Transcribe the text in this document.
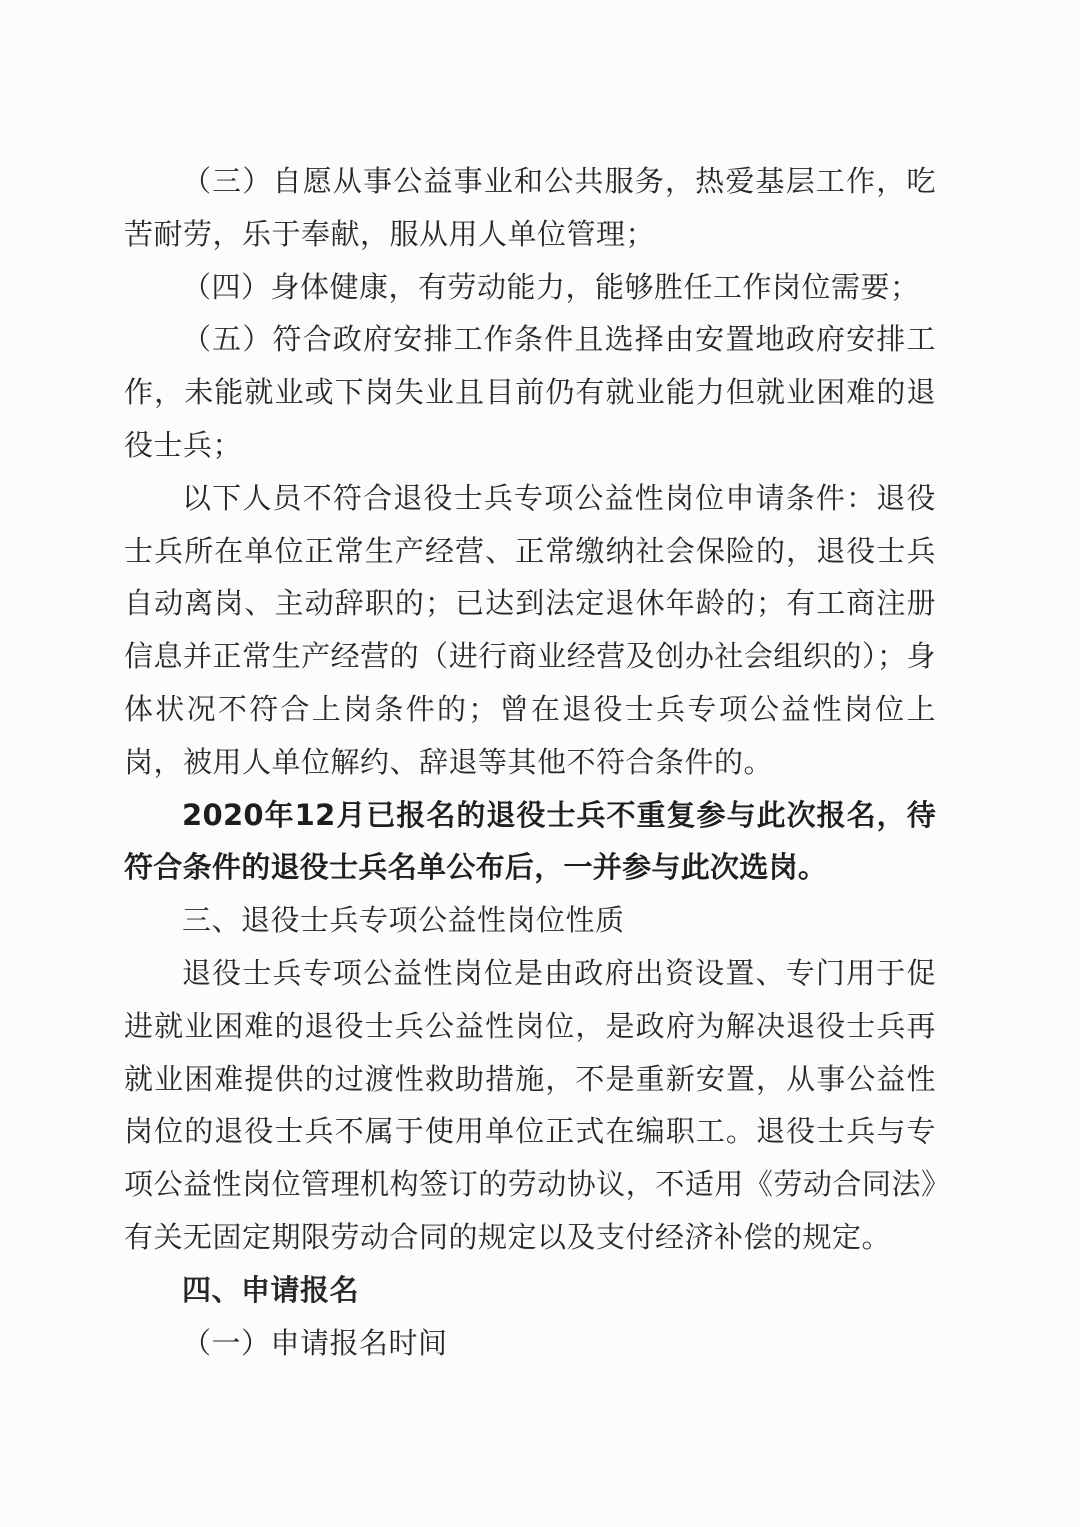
（三）自愿从事公益事业和公共服务，热爱基层工作，吃苦耐劳，乐于奉献，服从用人单位管理；

（四）身体健康，有劳动能力，能够胜任工作岗位需要；

（五）符合政府安排工作条件且选择由安置地政府安排工作，未能就业或下岗失业且目前仍有就业能力但就业困难的退役士兵；

以下人员不符合退役士兵专项公益性岗位申请条件：退役士兵所在单位正常生产经营、正常缴纳社会保险的，退役士兵自动离岗、主动辞职的；已达到法定退休年龄的；有工商注册信息并正常生产经营的（进行商业经营及创办社会组织的）；身体状况不符合上岗条件的；曾在退役士兵专项公益性岗位上岗，被用人单位解约、辞退等其他不符合条件的。

2020年12月已报名的退役士兵不重复参与此次报名，待符合条件的退役士兵名单公布后，一并参与此次选岗。

三、退役士兵专项公益性岗位性质

退役士兵专项公益性岗位是由政府出资设置、专门用于促进就业困难的退役士兵公益性岗位，是政府为解决退役士兵再就业困难提供的过渡性救助措施，不是重新安置，从事公益性岗位的退役士兵不属于使用单位正式在编职工。退役士兵与专项公益性岗位管理机构签订的劳动协议，不适用《劳动合同法》有关无固定期限劳动合同的规定以及支付经济补偿的规定。

四、申请报名

（一）申请报名时间
